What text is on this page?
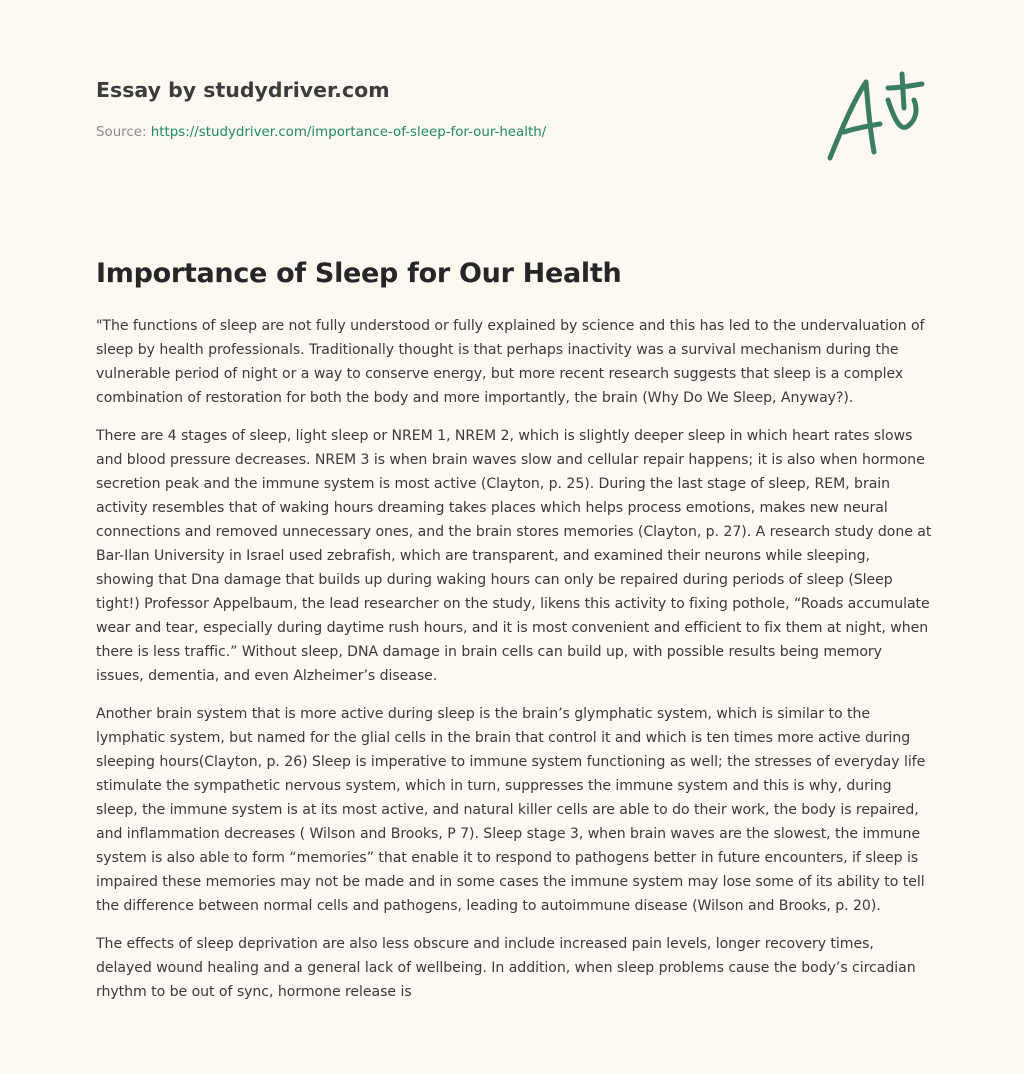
Essay by studydriver.com
Source: https://studydriver.com/importance-of-sleep-for-our-health/
Importance of Sleep for Our Health

"The functions of sleep are not fully understood or fully explained by science and this has led to the undervaluation of sleep by health professionals. Traditionally thought is that perhaps inactivity was a survival mechanism during the vulnerable period of night or a way to conserve energy, but more recent research suggests that sleep is a complex combination of restoration for both the body and more importantly, the brain (Why Do We Sleep, Anyway?).

There are 4 stages of sleep, light sleep or NREM 1, NREM 2, which is slightly deeper sleep in which heart rates slows and blood pressure decreases. NREM 3 is when brain waves slow and cellular repair happens; it is also when hormone secretion peak and the immune system is most active (Clayton, p. 25). During the last stage of sleep, REM, brain activity resembles that of waking hours dreaming takes places which helps process emotions, makes new neural connections and removed unnecessary ones, and the brain stores memories (Clayton, p. 27). A research study done at Bar-Ilan University in Israel used zebrafish, which are transparent, and examined their neurons while sleeping, showing that Dna damage that builds up during waking hours can only be repaired during periods of sleep (Sleep tight!) Professor Appelbaum, the lead researcher on the study, likens this activity to fixing pothole, “Roads accumulate wear and tear, especially during daytime rush hours, and it is most convenient and efficient to fix them at night, when there is less traffic.” Without sleep, DNA damage in brain cells can build up, with possible results being memory issues, dementia, and even Alzheimer’s disease.

Another brain system that is more active during sleep is the brain’s glymphatic system, which is similar to the lymphatic system, but named for the glial cells in the brain that control it and which is ten times more active during sleeping hours(Clayton, p. 26) Sleep is imperative to immune system functioning as well; the stresses of everyday life stimulate the sympathetic nervous system, which in turn, suppresses the immune system and this is why, during sleep, the immune system is at its most active, and natural killer cells are able to do their work, the body is repaired, and inflammation decreases ( Wilson and Brooks, P 7). Sleep stage 3, when brain waves are the slowest, the immune system is also able to form “memories” that enable it to respond to pathogens better in future encounters, if sleep is impaired these memories may not be made and in some cases the immune system may lose some of its ability to tell the difference between normal cells and pathogens, leading to autoimmune disease (Wilson and Brooks, p. 20).

The effects of sleep deprivation are also less obscure and include increased pain levels, longer recovery times, delayed wound healing and a general lack of wellbeing. In addition, when sleep problems cause the body’s circadian rhythm to be out of sync, hormone release is
